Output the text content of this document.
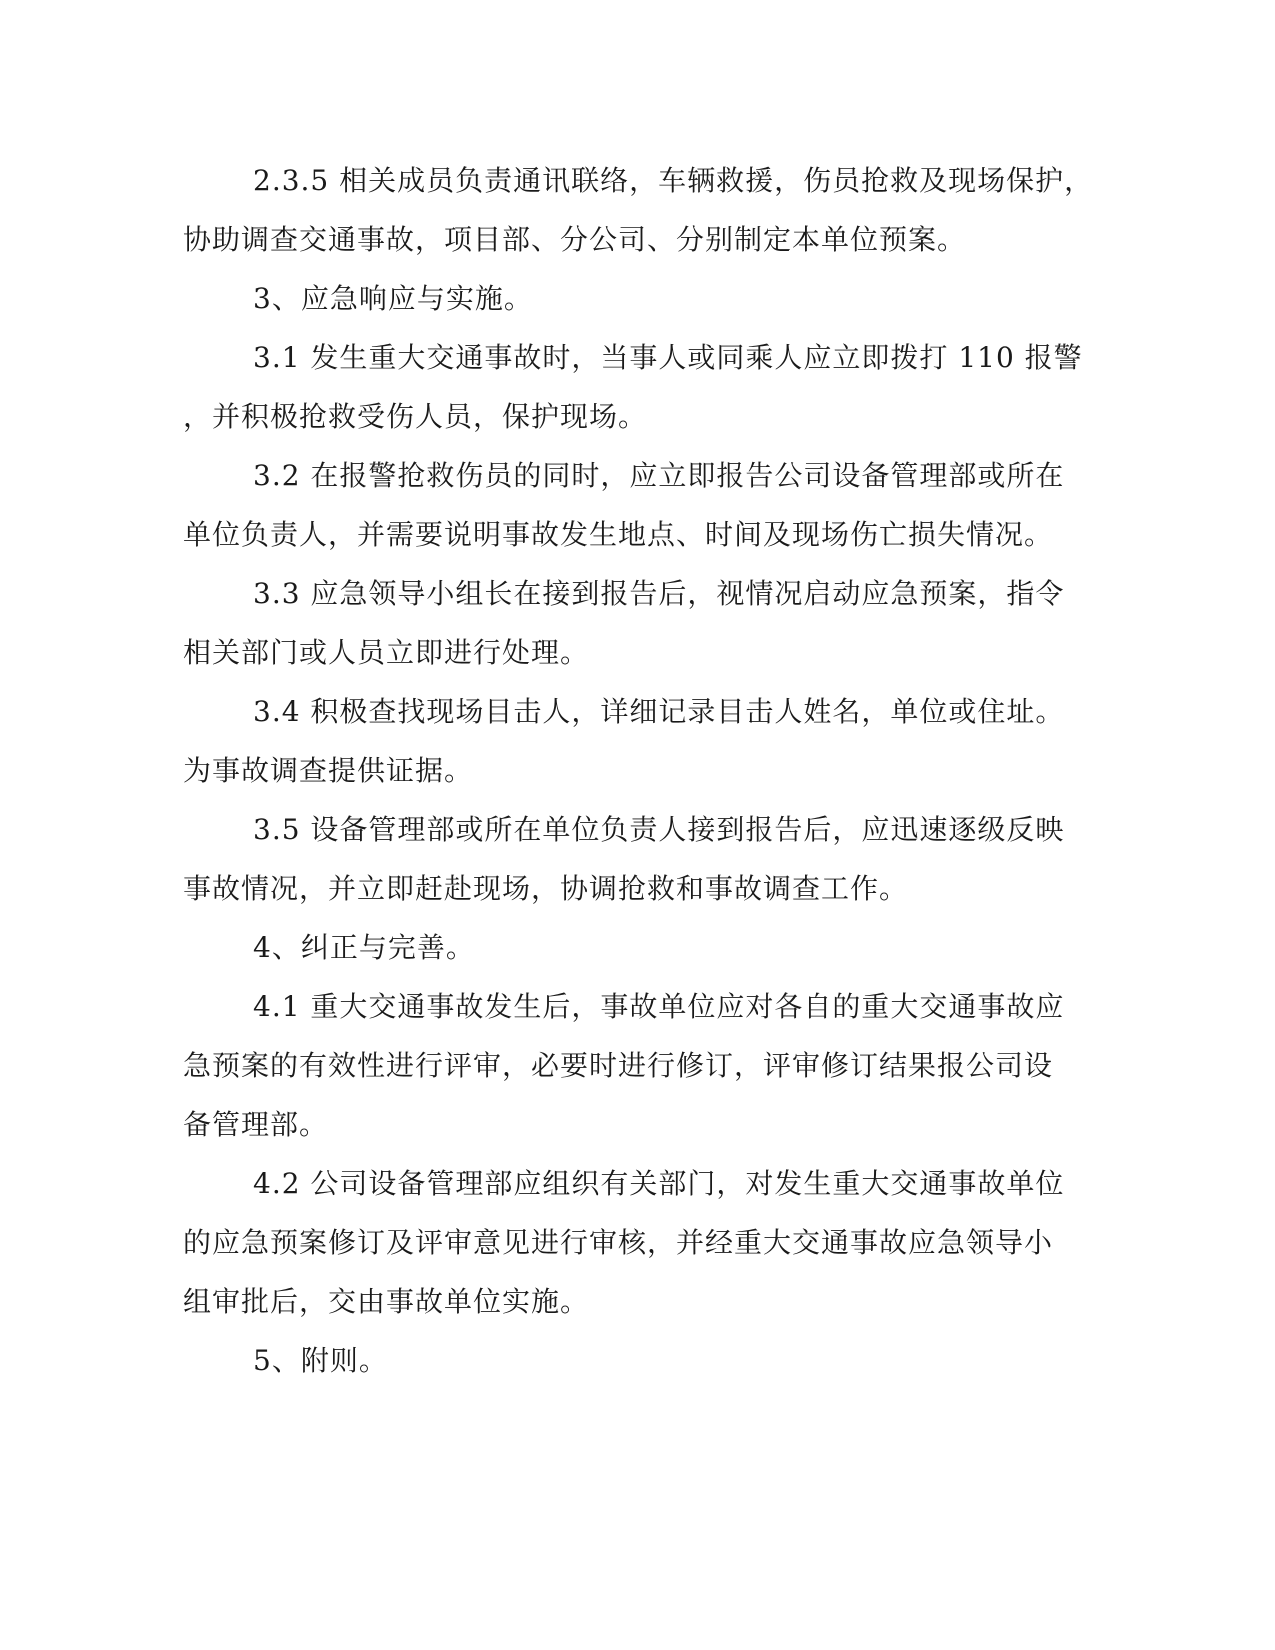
2.3.5 相关成员负责通讯联络，车辆救援，伤员抢救及现场保护，

协助调查交通事故，项目部、分公司、分别制定本单位预案。

3、应急响应与实施。

3.1 发生重大交通事故时，当事人或同乘人应立即拨打 110 报警

，并积极抢救受伤人员，保护现场。

3.2 在报警抢救伤员的同时，应立即报告公司设备管理部或所在

单位负责人，并需要说明事故发生地点、时间及现场伤亡损失情况。

3.3 应急领导小组长在接到报告后，视情况启动应急预案，指令

相关部门或人员立即进行处理。

3.4 积极查找现场目击人，详细记录目击人姓名，单位或住址。

为事故调查提供证据。

3.5 设备管理部或所在单位负责人接到报告后，应迅速逐级反映

事故情况，并立即赶赴现场，协调抢救和事故调查工作。

4、纠正与完善。

4.1 重大交通事故发生后，事故单位应对各自的重大交通事故应

急预案的有效性进行评审，必要时进行修订，评审修订结果报公司设

备管理部。

4.2 公司设备管理部应组织有关部门，对发生重大交通事故单位

的应急预案修订及评审意见进行审核，并经重大交通事故应急领导小

组审批后，交由事故单位实施。

5、附则。
